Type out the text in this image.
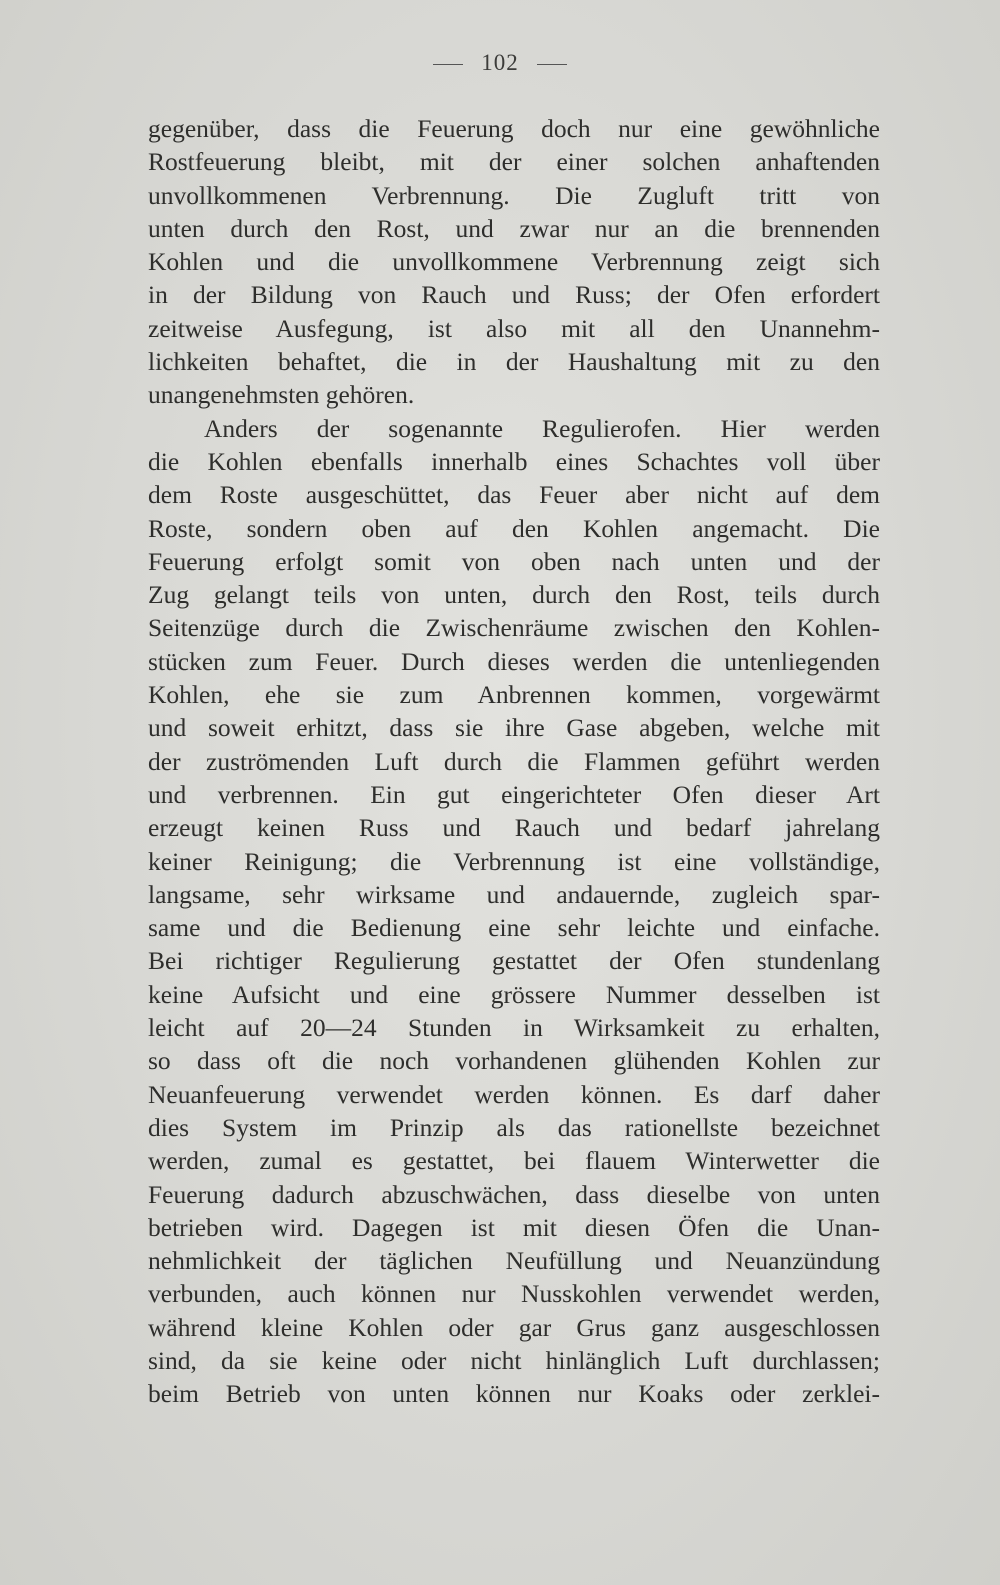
102
gegenüber, dass die Feuerung doch nur eine gewöhnliche
Rostfeuerung bleibt, mit der einer solchen anhaftenden
unvollkommenen Verbrennung. Die Zugluft tritt von
unten durch den Rost, und zwar nur an die brennenden
Kohlen und die unvollkommene Verbrennung zeigt sich
in der Bildung von Rauch und Russ; der Ofen erfordert
zeitweise Ausfegung, ist also mit all den Unannehm-
lichkeiten behaftet, die in der Haushaltung mit zu den
unangenehmsten gehören.
Anders der sogenannte Regulierofen. Hier werden
die Kohlen ebenfalls innerhalb eines Schachtes voll über
dem Roste ausgeschüttet, das Feuer aber nicht auf dem
Roste, sondern oben auf den Kohlen angemacht. Die
Feuerung erfolgt somit von oben nach unten und der
Zug gelangt teils von unten, durch den Rost, teils durch
Seitenzüge durch die Zwischenräume zwischen den Kohlen-
stücken zum Feuer. Durch dieses werden die untenliegenden
Kohlen, ehe sie zum Anbrennen kommen, vorgewärmt
und soweit erhitzt, dass sie ihre Gase abgeben, welche mit
der zuströmenden Luft durch die Flammen geführt werden
und verbrennen. Ein gut eingerichteter Ofen dieser Art
erzeugt keinen Russ und Rauch und bedarf jahrelang
keiner Reinigung; die Verbrennung ist eine vollständige,
langsame, sehr wirksame und andauernde, zugleich spar-
same und die Bedienung eine sehr leichte und einfache.
Bei richtiger Regulierung gestattet der Ofen stundenlang
keine Aufsicht und eine grössere Nummer desselben ist
leicht auf 20—24 Stunden in Wirksamkeit zu erhalten,
so dass oft die noch vorhandenen glühenden Kohlen zur
Neuanfeuerung verwendet werden können. Es darf daher
dies System im Prinzip als das rationellste bezeichnet
werden, zumal es gestattet, bei flauem Winterwetter die
Feuerung dadurch abzuschwächen, dass dieselbe von unten
betrieben wird. Dagegen ist mit diesen Öfen die Unan-
nehmlichkeit der täglichen Neufüllung und Neuanzündung
verbunden, auch können nur Nusskohlen verwendet werden,
während kleine Kohlen oder gar Grus ganz ausgeschlossen
sind, da sie keine oder nicht hinlänglich Luft durchlassen;
beim Betrieb von unten können nur Koaks oder zerklei-
